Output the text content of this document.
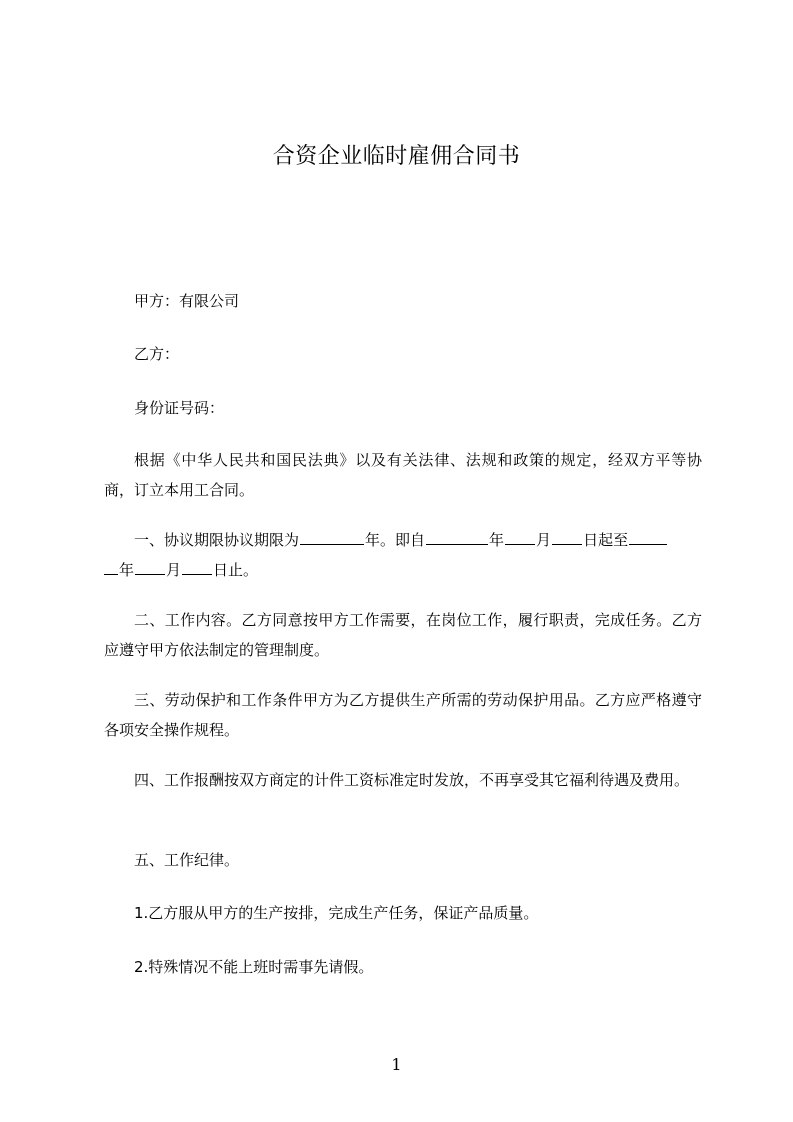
合资企业临时雇佣合同书
甲方：有限公司
乙方：
身份证号码：
根据《中华人民共和国民法典》以及有关法律、法规和政策的规定，经双方平等协商，订立本用工合同。
一、协议期限协议期限为	年。即自	年 月 日起至
年 月 日止。
二、工作内容。乙方同意按甲方工作需要，在岗位工作，履行职责，完成任务。乙方应遵守甲方依法制定的管理制度。
三、劳动保护和工作条件甲方为乙方提供生产所需的劳动保护用品。乙方应严格遵守各项安全操作规程。
四、工作报酬按双方商定的计件工资标准定时发放，不再享受其它福利待遇及费用。
五、工作纪律。
1.乙方服从甲方的生产按排，完成生产任务，保证产品质量。
2.特殊情况不能上班时需事先请假。
1
